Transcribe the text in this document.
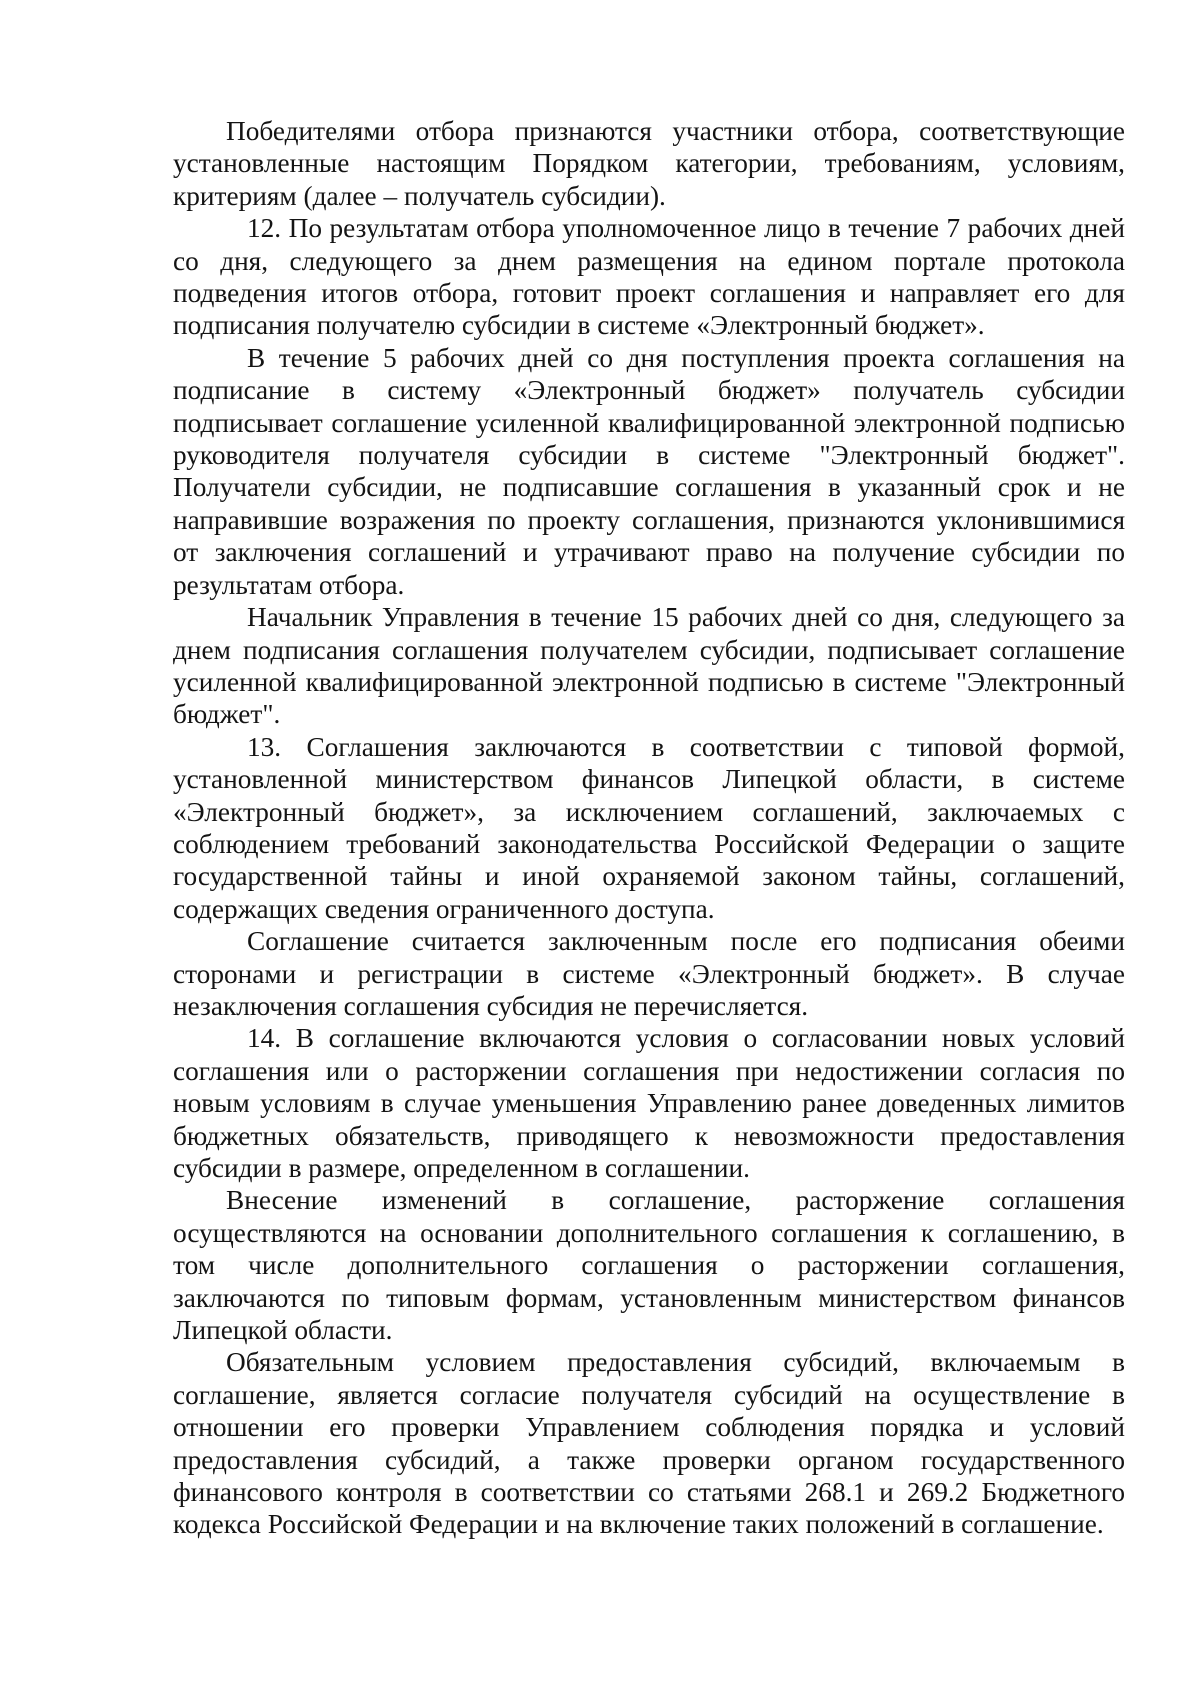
Победителями отбора признаются участники отбора, соответствующие установленные настоящим Порядком категории, требованиям, условиям, критериям (далее – получатель субсидии).

12. По результатам отбора уполномоченное лицо в течение 7 рабочих дней со дня, следующего за днем размещения на едином портале протокола подведения итогов отбора, готовит проект соглашения и направляет его для подписания получателю субсидии в системе «Электронный бюджет».

В течение 5 рабочих дней со дня поступления проекта соглашения на подписание в систему «Электронный бюджет» получатель субсидии подписывает соглашение усиленной квалифицированной электронной подписью руководителя получателя субсидии в системе "Электронный бюджет". Получатели субсидии, не подписавшие соглашения в указанный срок и не направившие возражения по проекту соглашения, признаются уклонившимися от заключения соглашений и утрачивают право на получение субсидии по результатам отбора.

Начальник Управления в течение 15 рабочих дней со дня, следующего за днем подписания соглашения получателем субсидии, подписывает соглашение усиленной квалифицированной электронной подписью в системе "Электронный бюджет".

13. Соглашения заключаются в соответствии с типовой формой, установленной министерством финансов Липецкой области, в системе «Электронный бюджет», за исключением соглашений, заключаемых с соблюдением требований законодательства Российской Федерации о защите государственной тайны и иной охраняемой законом тайны, соглашений, содержащих сведения ограниченного доступа.

Соглашение считается заключенным после его подписания обеими сторонами и регистрации в системе «Электронный бюджет». В случае незаключения соглашения субсидия не перечисляется.

14. В соглашение включаются условия о согласовании новых условий соглашения или о расторжении соглашения при недостижении согласия по новым условиям в случае уменьшения Управлению ранее доведенных лимитов бюджетных обязательств, приводящего к невозможности предоставления субсидии в размере, определенном в соглашении.

Внесение изменений в соглашение, расторжение соглашения осуществляются на основании дополнительного соглашения к соглашению, в том числе дополнительного соглашения о расторжении соглашения, заключаются по типовым формам, установленным министерством финансов Липецкой области.

Обязательным условием предоставления субсидий, включаемым в соглашение, является согласие получателя субсидий на осуществление в отношении его проверки Управлением соблюдения порядка и условий предоставления субсидий, а также проверки органом государственного финансового контроля в соответствии со статьями 268.1 и 269.2 Бюджетного кодекса Российской Федерации и на включение таких положений в соглашение.
